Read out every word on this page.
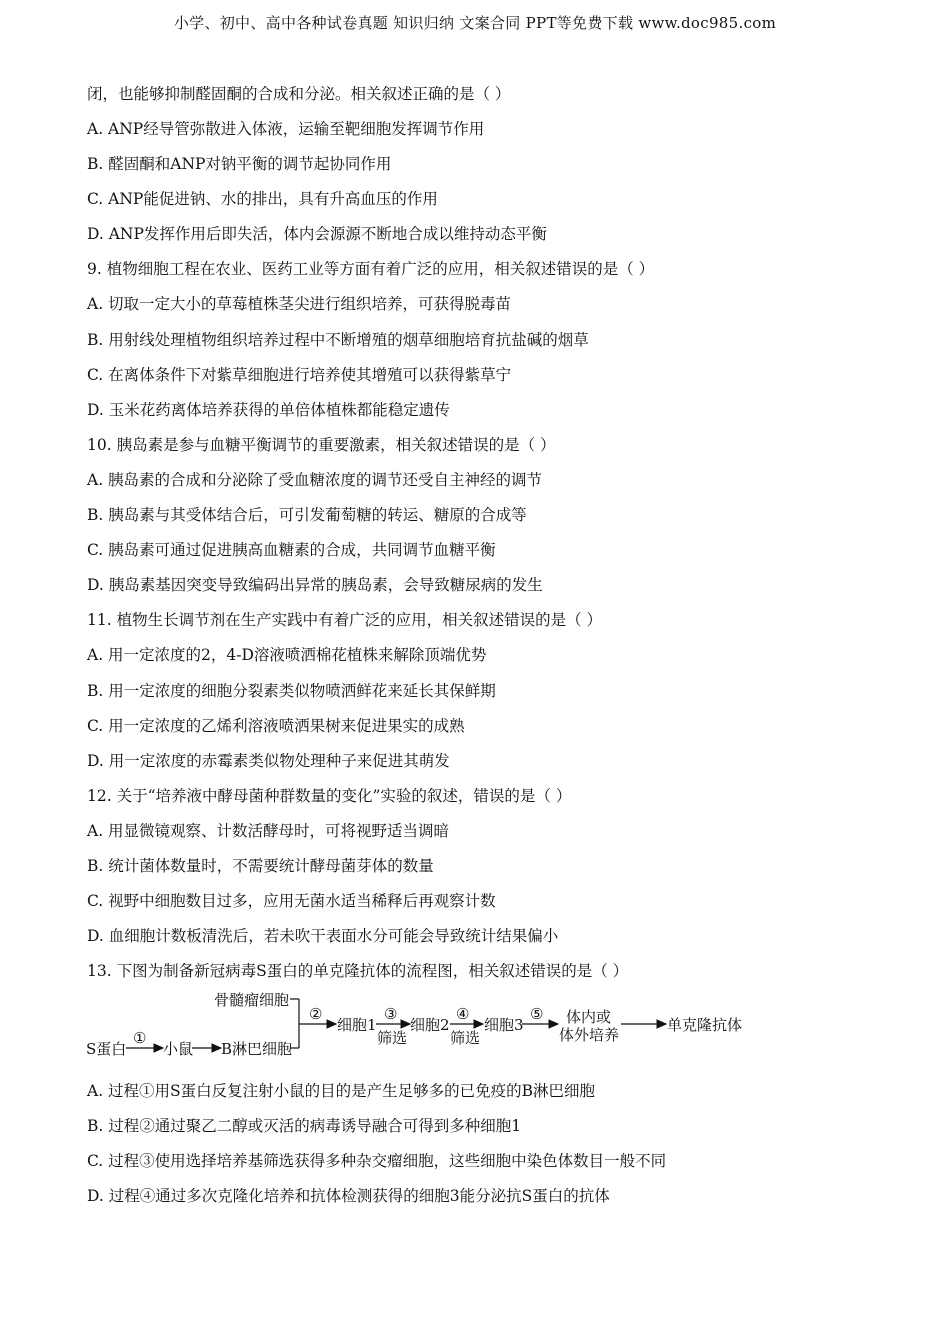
小学、初中、高中各种试卷真题 知识归纳 文案合同 PPT等免费下载 www.doc985.com
闭，也能够抑制醛固酮的合成和分泌。相关叙述正确的是（ ）
A. ANP经导管弥散进入体液，运输至靶细胞发挥调节作用
B. 醛固酮和ANP对钠平衡的调节起协同作用
C. ANP能促进钠、水的排出，具有升高血压的作用
D. ANP发挥作用后即失活，体内会源源不断地合成以维持动态平衡
9. 植物细胞工程在农业、医药工业等方面有着广泛的应用，相关叙述错误的是（ ）
A. 切取一定大小的草莓植株茎尖进行组织培养，可获得脱毒苗
B. 用射线处理植物组织培养过程中不断增殖的烟草细胞培育抗盐碱的烟草
C. 在离体条件下对紫草细胞进行培养使其增殖可以获得紫草宁
D. 玉米花药离体培养获得的单倍体植株都能稳定遗传
10. 胰岛素是参与血糖平衡调节的重要激素，相关叙述错误的是（ ）
A. 胰岛素的合成和分泌除了受血糖浓度的调节还受自主神经的调节
B. 胰岛素与其受体结合后，可引发葡萄糖的转运、糖原的合成等
C. 胰岛素可通过促进胰高血糖素的合成，共同调节血糖平衡
D. 胰岛素基因突变导致编码出异常的胰岛素，会导致糖尿病的发生
11. 植物生长调节剂在生产实践中有着广泛的应用，相关叙述错误的是（ ）
A. 用一定浓度的2，4-D溶液喷洒棉花植株来解除顶端优势
B. 用一定浓度的细胞分裂素类似物喷洒鲜花来延长其保鲜期
C. 用一定浓度的乙烯利溶液喷洒果树来促进果实的成熟
D. 用一定浓度的赤霉素类似物处理种子来促进其萌发
12. 关于“培养液中酵母菌种群数量的变化”实验的叙述，错误的是（ ）
A. 用显微镜观察、计数活酵母时，可将视野适当调暗
B. 统计菌体数量时，不需要统计酵母菌芽体的数量
C. 视野中细胞数目过多，应用无菌水适当稀释后再观察计数
D. 血细胞计数板清洗后，若未吹干表面水分可能会导致统计结果偏小
13. 下图为制备新冠病毒S蛋白的单克隆抗体的流程图，相关叙述错误的是（ ）
S蛋白
①
小鼠 B淋巴细胞
骨髓瘤细胞
②
细胞1
③
筛选
细胞2
④
筛选
细胞3
⑤ 体内或
体外培养
单克隆抗体
A. 过程①用S蛋白反复注射小鼠的目的是产生足够多的已免疫的B淋巴细胞
B. 过程②通过聚乙二醇或灭活的病毒诱导融合可得到多种细胞1
C. 过程③使用选择培养基筛选获得多种杂交瘤细胞，这些细胞中染色体数目一般不同
D. 过程④通过多次克隆化培养和抗体检测获得的细胞3能分泌抗S蛋白的抗体
